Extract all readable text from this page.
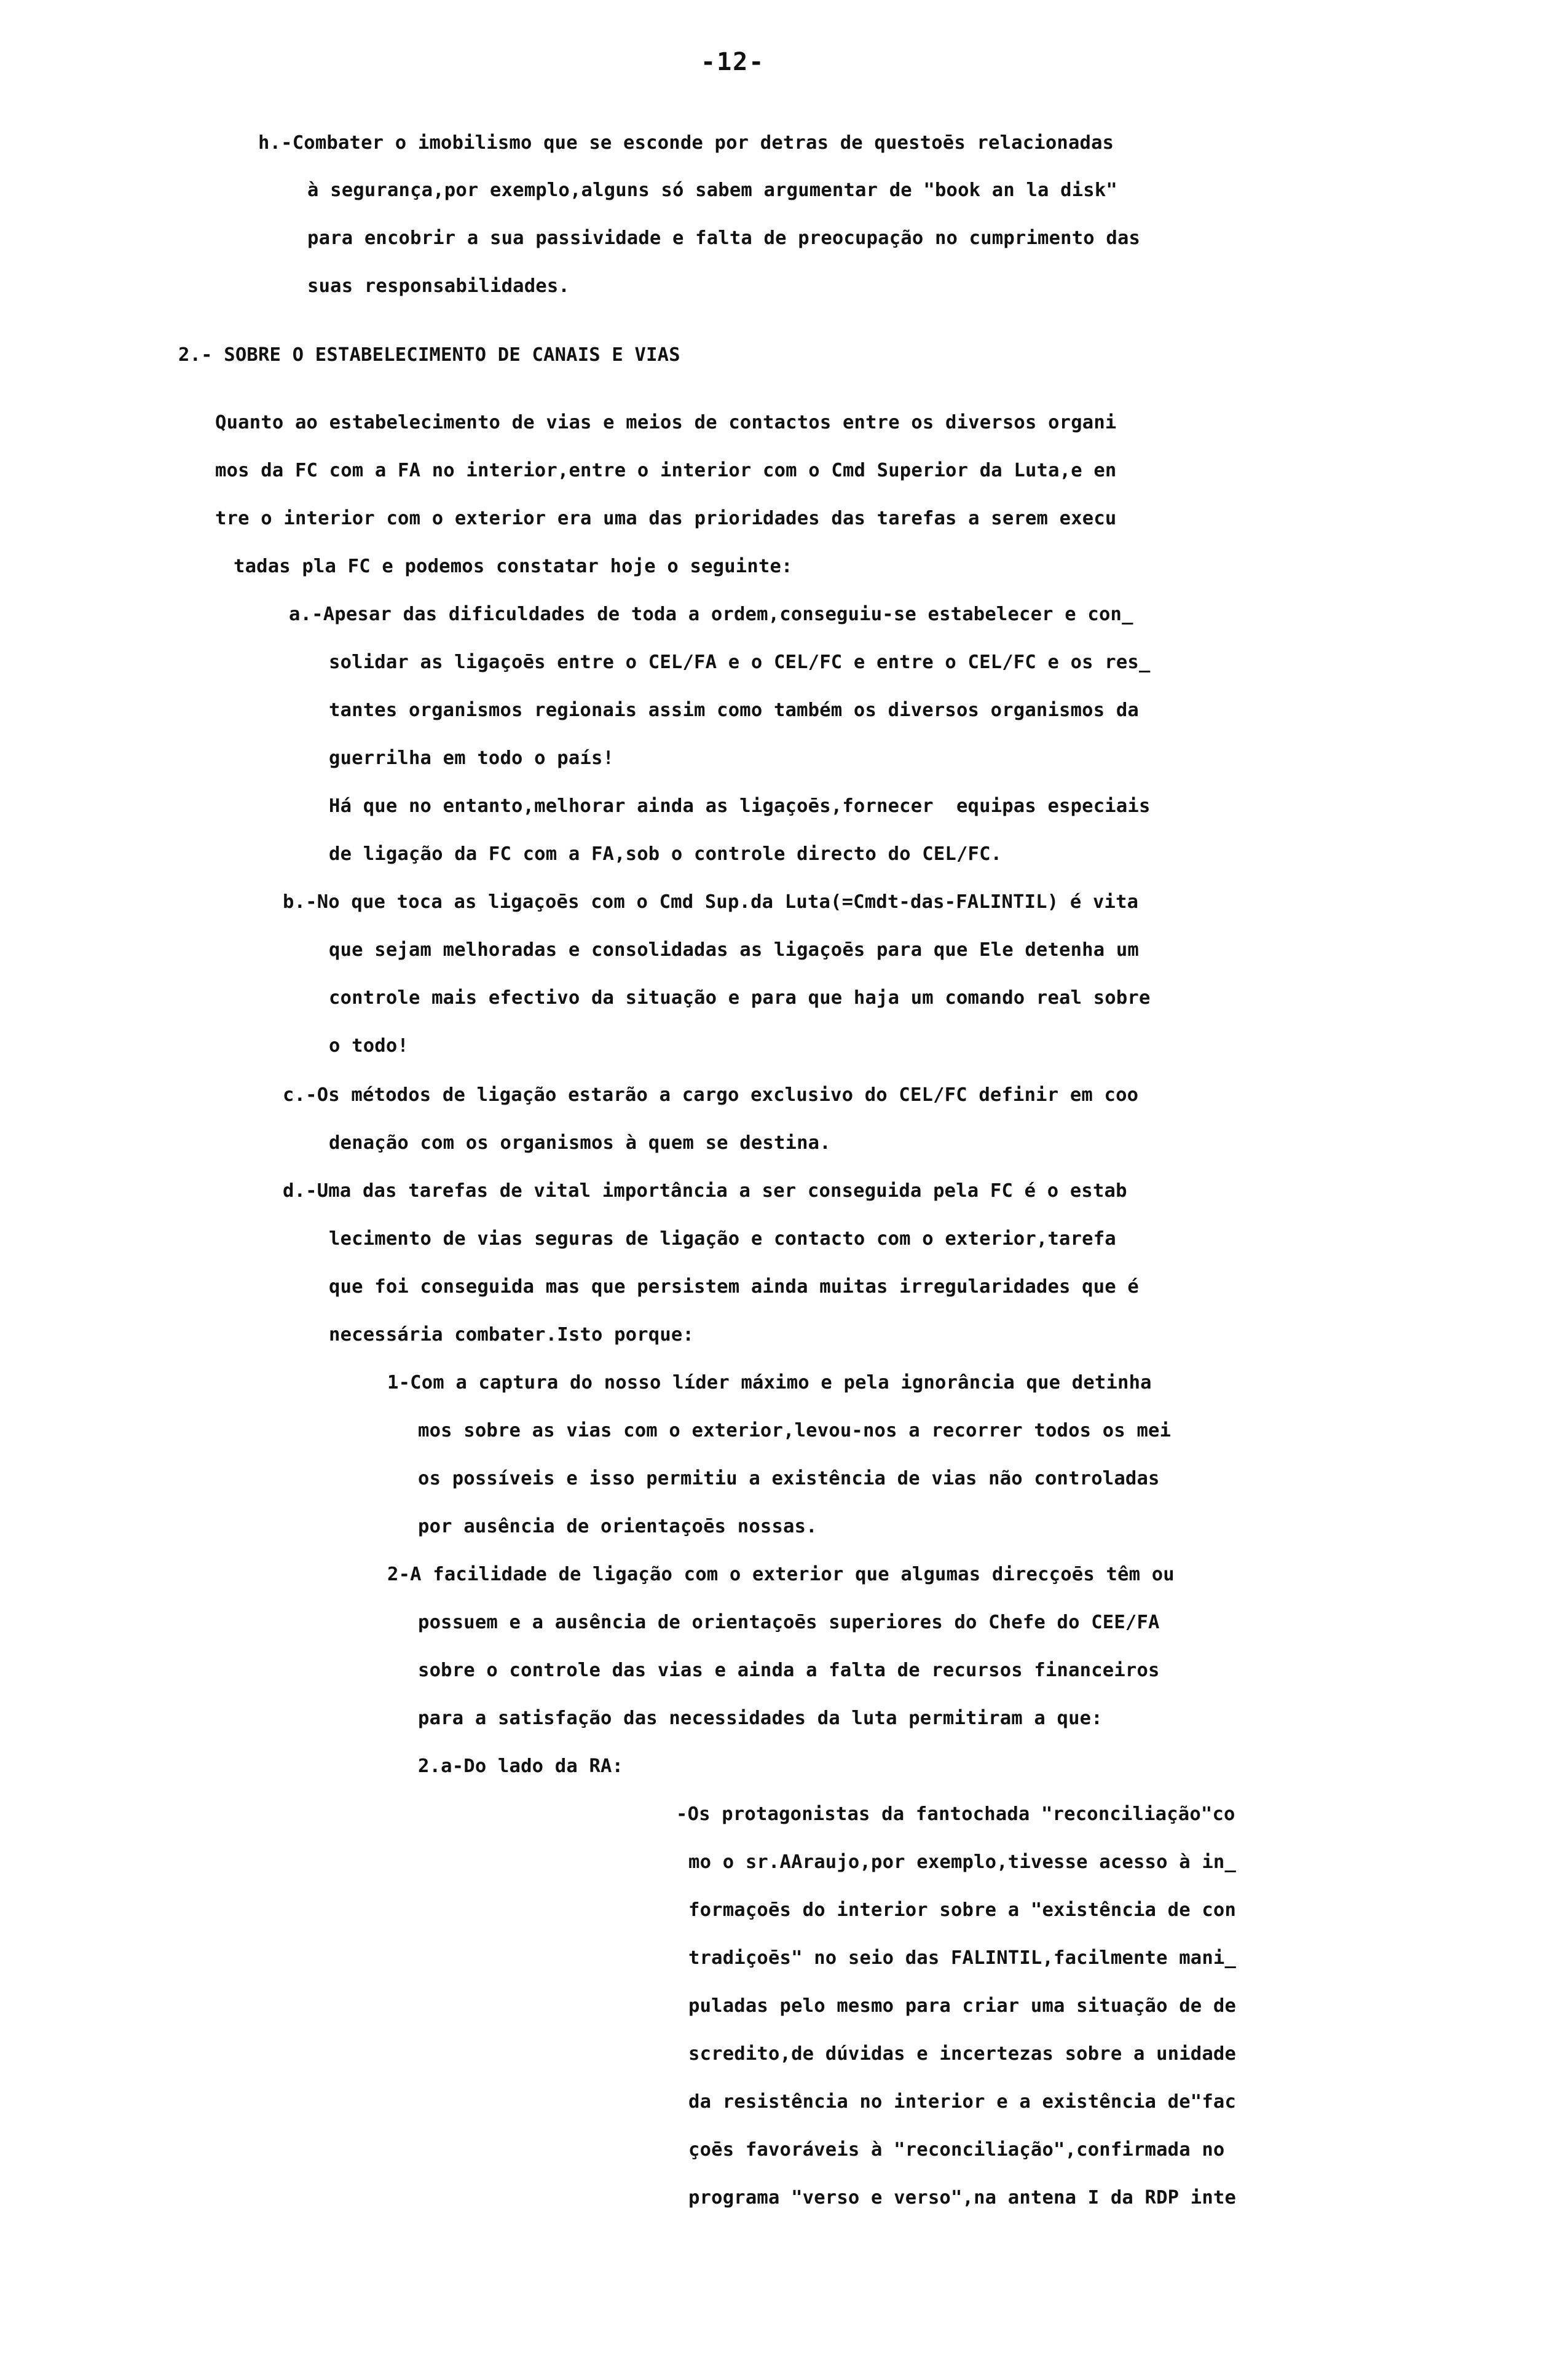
-12-
h.-Combater o imobilismo que se esconde por detras de questoēs relacionadas
à segurança,por exemplo,alguns só sabem argumentar de "book an la disk"
para encobrir a sua passividade e falta de preocupação no cumprimento das
suas responsabilidades.
2.- SOBRE O ESTABELECIMENTO DE CANAIS E VIAS
Quanto ao estabelecimento de vias e meios de contactos entre os diversos organi
mos da FC com a FA no interior,entre o interior com o Cmd Superior da Luta,e en
tre o interior com o exterior era uma das prioridades das tarefas a serem execu
tadas pla FC e podemos constatar hoje o seguinte:
a.-Apesar das dificuldades de toda a ordem,conseguiu-se estabelecer e con_
solidar as ligaçoēs entre o CEL/FA e o CEL/FC e entre o CEL/FC e os res_
tantes organismos regionais assim como também os diversos organismos da
guerrilha em todo o país!
Há que no entanto,melhorar ainda as ligaçoēs,fornecer  equipas especiais
de ligação da FC com a FA,sob o controle directo do CEL/FC.
b.-No que toca as ligaçoēs com o Cmd Sup.da Luta(=Cmdt-das-FALINTIL) é vita
que sejam melhoradas e consolidadas as ligaçoēs para que Ele detenha um
controle mais efectivo da situação e para que haja um comando real sobre
o todo!
c.-Os métodos de ligação estarão a cargo exclusivo do CEL/FC definir em coo
denação com os organismos à quem se destina.
d.-Uma das tarefas de vital importância a ser conseguida pela FC é o estab
lecimento de vias seguras de ligação e contacto com o exterior,tarefa
que foi conseguida mas que persistem ainda muitas irregularidades que é
necessária combater.Isto porque:
1-Com a captura do nosso líder máximo e pela ignorância que detinha
mos sobre as vias com o exterior,levou-nos a recorrer todos os mei
os possíveis e isso permitiu a existência de vias não controladas
por ausência de orientaçoēs nossas.
2-A facilidade de ligação com o exterior que algumas direcçoēs têm ou
possuem e a ausência de orientaçoēs superiores do Chefe do CEE/FA
sobre o controle das vias e ainda a falta de recursos financeiros
para a satisfação das necessidades da luta permitiram a que:
2.a-Do lado da RA:
-Os protagonistas da fantochada "reconciliação"co
mo o sr.AAraujo,por exemplo,tivesse acesso à in_
formaçoēs do interior sobre a "existência de con
tradiçoēs" no seio das FALINTIL,facilmente mani_
puladas pelo mesmo para criar uma situação de de
scredito,de dúvidas e incertezas sobre a unidade
da resistência no interior e a existência de"fac
çoēs favoráveis à "reconciliação",confirmada no
programa "verso e verso",na antena I da RDP inte
